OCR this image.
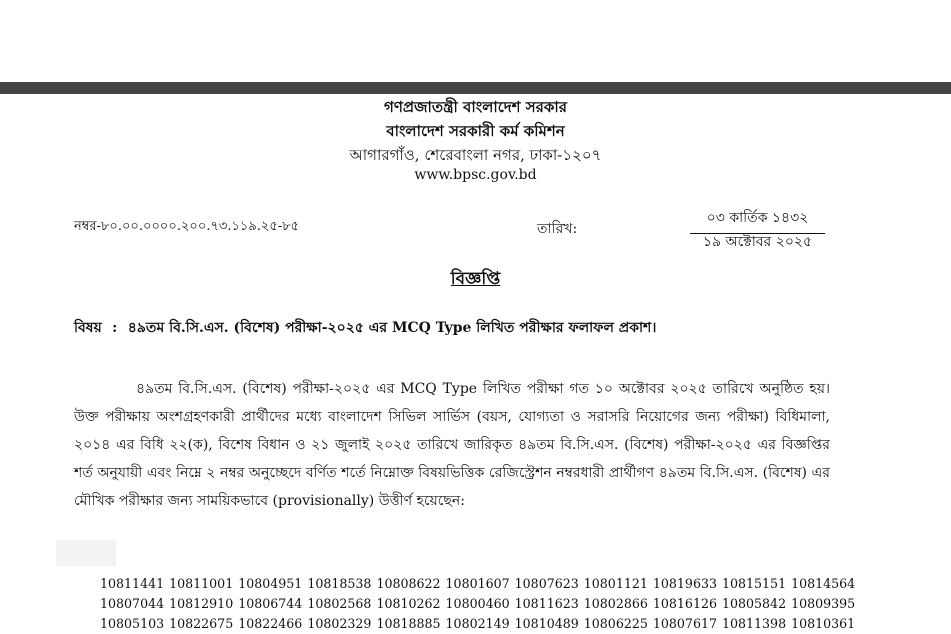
গণপ্রজাতন্ত্রী বাংলাদেশ সরকার
বাংলাদেশ সরকারী কর্ম কমিশন
আগারগাঁও, শেরেবাংলা নগর, ঢাকা-১২০৭
www.bpsc.gov.bd
নম্বর-৮০.০০.০০০০.২০০.৭৩.১১৯.২৫-৮৫	তারিখ:
০৩ কার্তিক ১৪৩২
১৯ অক্টোবর ২০২৫
বিজ্ঞপ্তি
বিষয় : ৪৯তম বি.সি.এস. (বিশেষ) পরীক্ষা-২০২৫ এর MCQ Type লিখিত পরীক্ষার ফলাফল প্রকাশ।
৪৯তম বি.সি.এস. (বিশেষ) পরীক্ষা-২০২৫ এর MCQ Type লিখিত পরীক্ষা গত ১০ অক্টোবর ২০২৫ তারিখে অনুষ্ঠিত হয়। উক্ত পরীক্ষায় অংশগ্রহণকারী প্রার্থীদের মধ্যে বাংলাদেশ সিভিল সার্ভিস (বয়স, যোগ্যতা ও সরাসরি নিয়োগের জন্য পরীক্ষা) বিধিমালা, ২০১৪ এর বিধি ২২(ক), বিশেষ বিধান ও ২১ জুলাই ২০২৫ তারিখে জারিকৃত ৪৯তম বি.সি.এস. (বিশেষ) পরীক্ষা-২০২৫ এর বিজ্ঞপ্তির শর্ত অনুযায়ী এবং নিম্নে ২ নম্বর অনুচ্ছেদে বর্ণিত শর্তে নিম্নোক্ত বিষয়ভিত্তিক রেজিস্ট্রেশন নম্বরধারী প্রার্থীগণ ৪৯তম বি.সি.এস. (বিশেষ) এর মৌখিক পরীক্ষার জন্য সাময়িকভাবে (provisionally) উত্তীর্ণ হয়েছেন:
10811441	10811001	10804951	10818538	10808622	10801607	10807623	10801121	10819633	10815151	10814564
10807044	10812910	10806744	10802568	10810262	10800460	10811623	10802866	10816126	10805842	10809395
10805103	10822675	10822466	10802329	10818885	10802149	10810489	10806225	10807617	10811398	10810361
